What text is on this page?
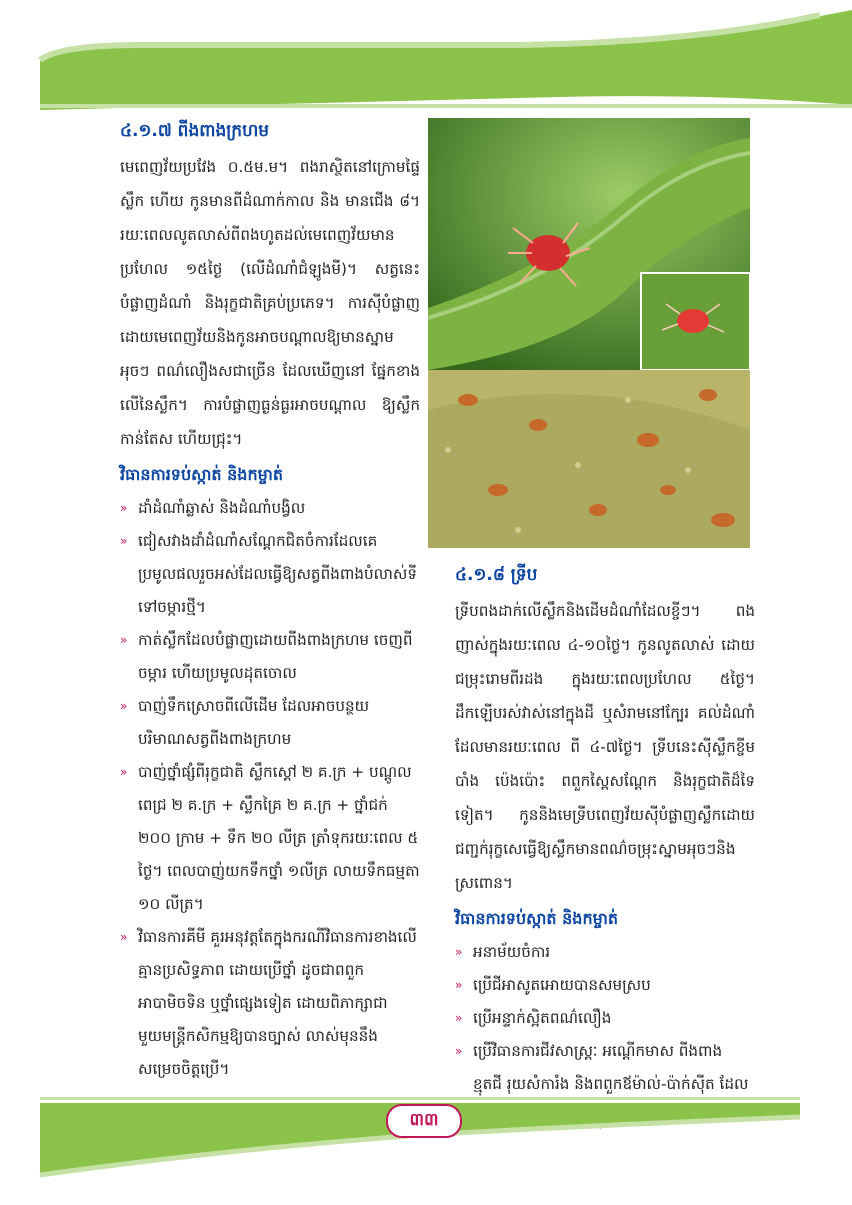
៤.១.៧ ពីងពាងក្រហម

មេពេញវ័យប្រវែង ០.៥ម.ម។ ពងរាស្ថិតនៅក្រោមផ្ទៃស្លឹក ហើយ កូនមានពីដំណាក់កាល និង មានជើង ៨។ រយៈពេលលូតលាស់ពីពងហូតដល់មេពេញវ័យមានប្រហែល ១៥ថ្ងៃ (លើដំណាំជំឡូងមី)។ សត្វនេះ បំផ្លាញដំណាំ និងរុក្ខជាតិគ្រប់ប្រភេទ។ ការស៊ីបំផ្លាញដោយមេពេញវ័យនិងកូនអាចបណ្តាលឱ្យមានស្នាម អុចៗ ពណ៌លឿងសជាច្រើន ដែលឃើញនៅ ផ្នែកខាង លើនៃស្លឹក។ ការបំផ្លាញធ្ងន់ធ្ងរអាចបណ្តាល ឱ្យស្លឹកកាន់តែស ហើយជ្រុះ។

វិធានការទប់ស្កាត់ និងកម្ចាត់
» ដាំដំណាំឆ្លាស់ និងដំណាំបង្វិល
» ជៀសវាងដាំដំណាំសណ្តែកជិតចំការដែលគេប្រមូលផលរួចអស់ដែលធ្វើឱ្យសត្វពីងពាងបំលាស់ទីទៅចម្ការថ្មី។
» កាត់ស្លឹកដែលបំផ្លាញដោយពីងពាងក្រហម ចេញពីចម្ការ ហើយប្រមូលដុតចោល
» បាញ់ទឹកស្រោចពីលើដើម ដែលអាចបន្ថយ បរិមាណសត្វពីងពាងក្រហម
» បាញ់ថ្នាំផ្សំពីរុក្ខជាតិ ស្លឹកស្តៅ ២ គ.ក្រ + បណ្តូលពេជ្រ ២ គ.ក្រ + ស្លឹកគ្រៃ ២ គ.ក្រ + ថ្នាំជក់ ២០០ ក្រាម + ទឹក ២០ លីត្រ ត្រាំទុករយៈពេល ៥ ថ្ងៃ។ ពេលបាញ់យកទឹកថ្នាំ ១លីត្រ លាយទឹកធម្មតា ១០ លីត្រ។
» វិធានការគីមី គួរអនុវត្តតែក្នុងករណីវិធានការខាងលើគ្មានប្រសិទ្ធភាព ដោយប្រើថ្នាំ ដូចជាពពួកអាបាមិចទិន ឬថ្នាំផ្សេងទៀត ដោយពិភាក្សាជាមួយមន្រ្តីកសិកម្មឱ្យបានច្បាស់ លាស់មុននឹងសម្រេចចិត្តប្រើ។
៤.១.៨ ទ្រីប

ទ្រីបពងដាក់លើស្លឹកនិងដើមដំណាំដែលខ្ចីៗ។ ពងញាស់ក្នុងរយៈពេល ៤-១០ថ្ងៃ។ កូនលូតលាស់ ដោយជម្រុះរោមពីរដង ក្នុងរយៈពេលប្រហែល ៥ថ្ងៃ។ ដឹកឡើបរស់វាស់នៅក្នុងដី ឬសំរាមនៅក្បែរ គល់ដំណាំដែលមានរយៈពេល ពី ៤-៧ថ្ងៃ។ ទ្រីបនេះស៊ីស្លឹកខ្ចីមបាំង ប៉េងប៉ោះ ពពួកស្ពៃសណ្តែក និងរុក្ខជាតិដ៏ទៃទៀត។ កូននិងមេទ្រីបពេញវ័យស៊ីបំផ្លាញស្លឹកដោយជញ្ជក់រុក្ខសេធ្វើឱ្យស្លឹកមានពណ៌ចម្រុះស្នាមអុចៗនិងស្រពោន។

វិធានការទប់ស្កាត់ និងកម្ចាត់
» អនាម័យចំការ
» ប្រើជីអាសូតអោយបានសមស្រប
» ប្រើអន្ទាក់ស្អិតពណ៌លឿង
» ប្រើវិធានការជីវសាស្រ្តៈ អណ្តើកមាស ពីងពាង ខ្មុតជី រុយសំការំង និងពពួកឪម៉ាល់-ប៉ាក់ស៊ីត ដែល
៣៣
